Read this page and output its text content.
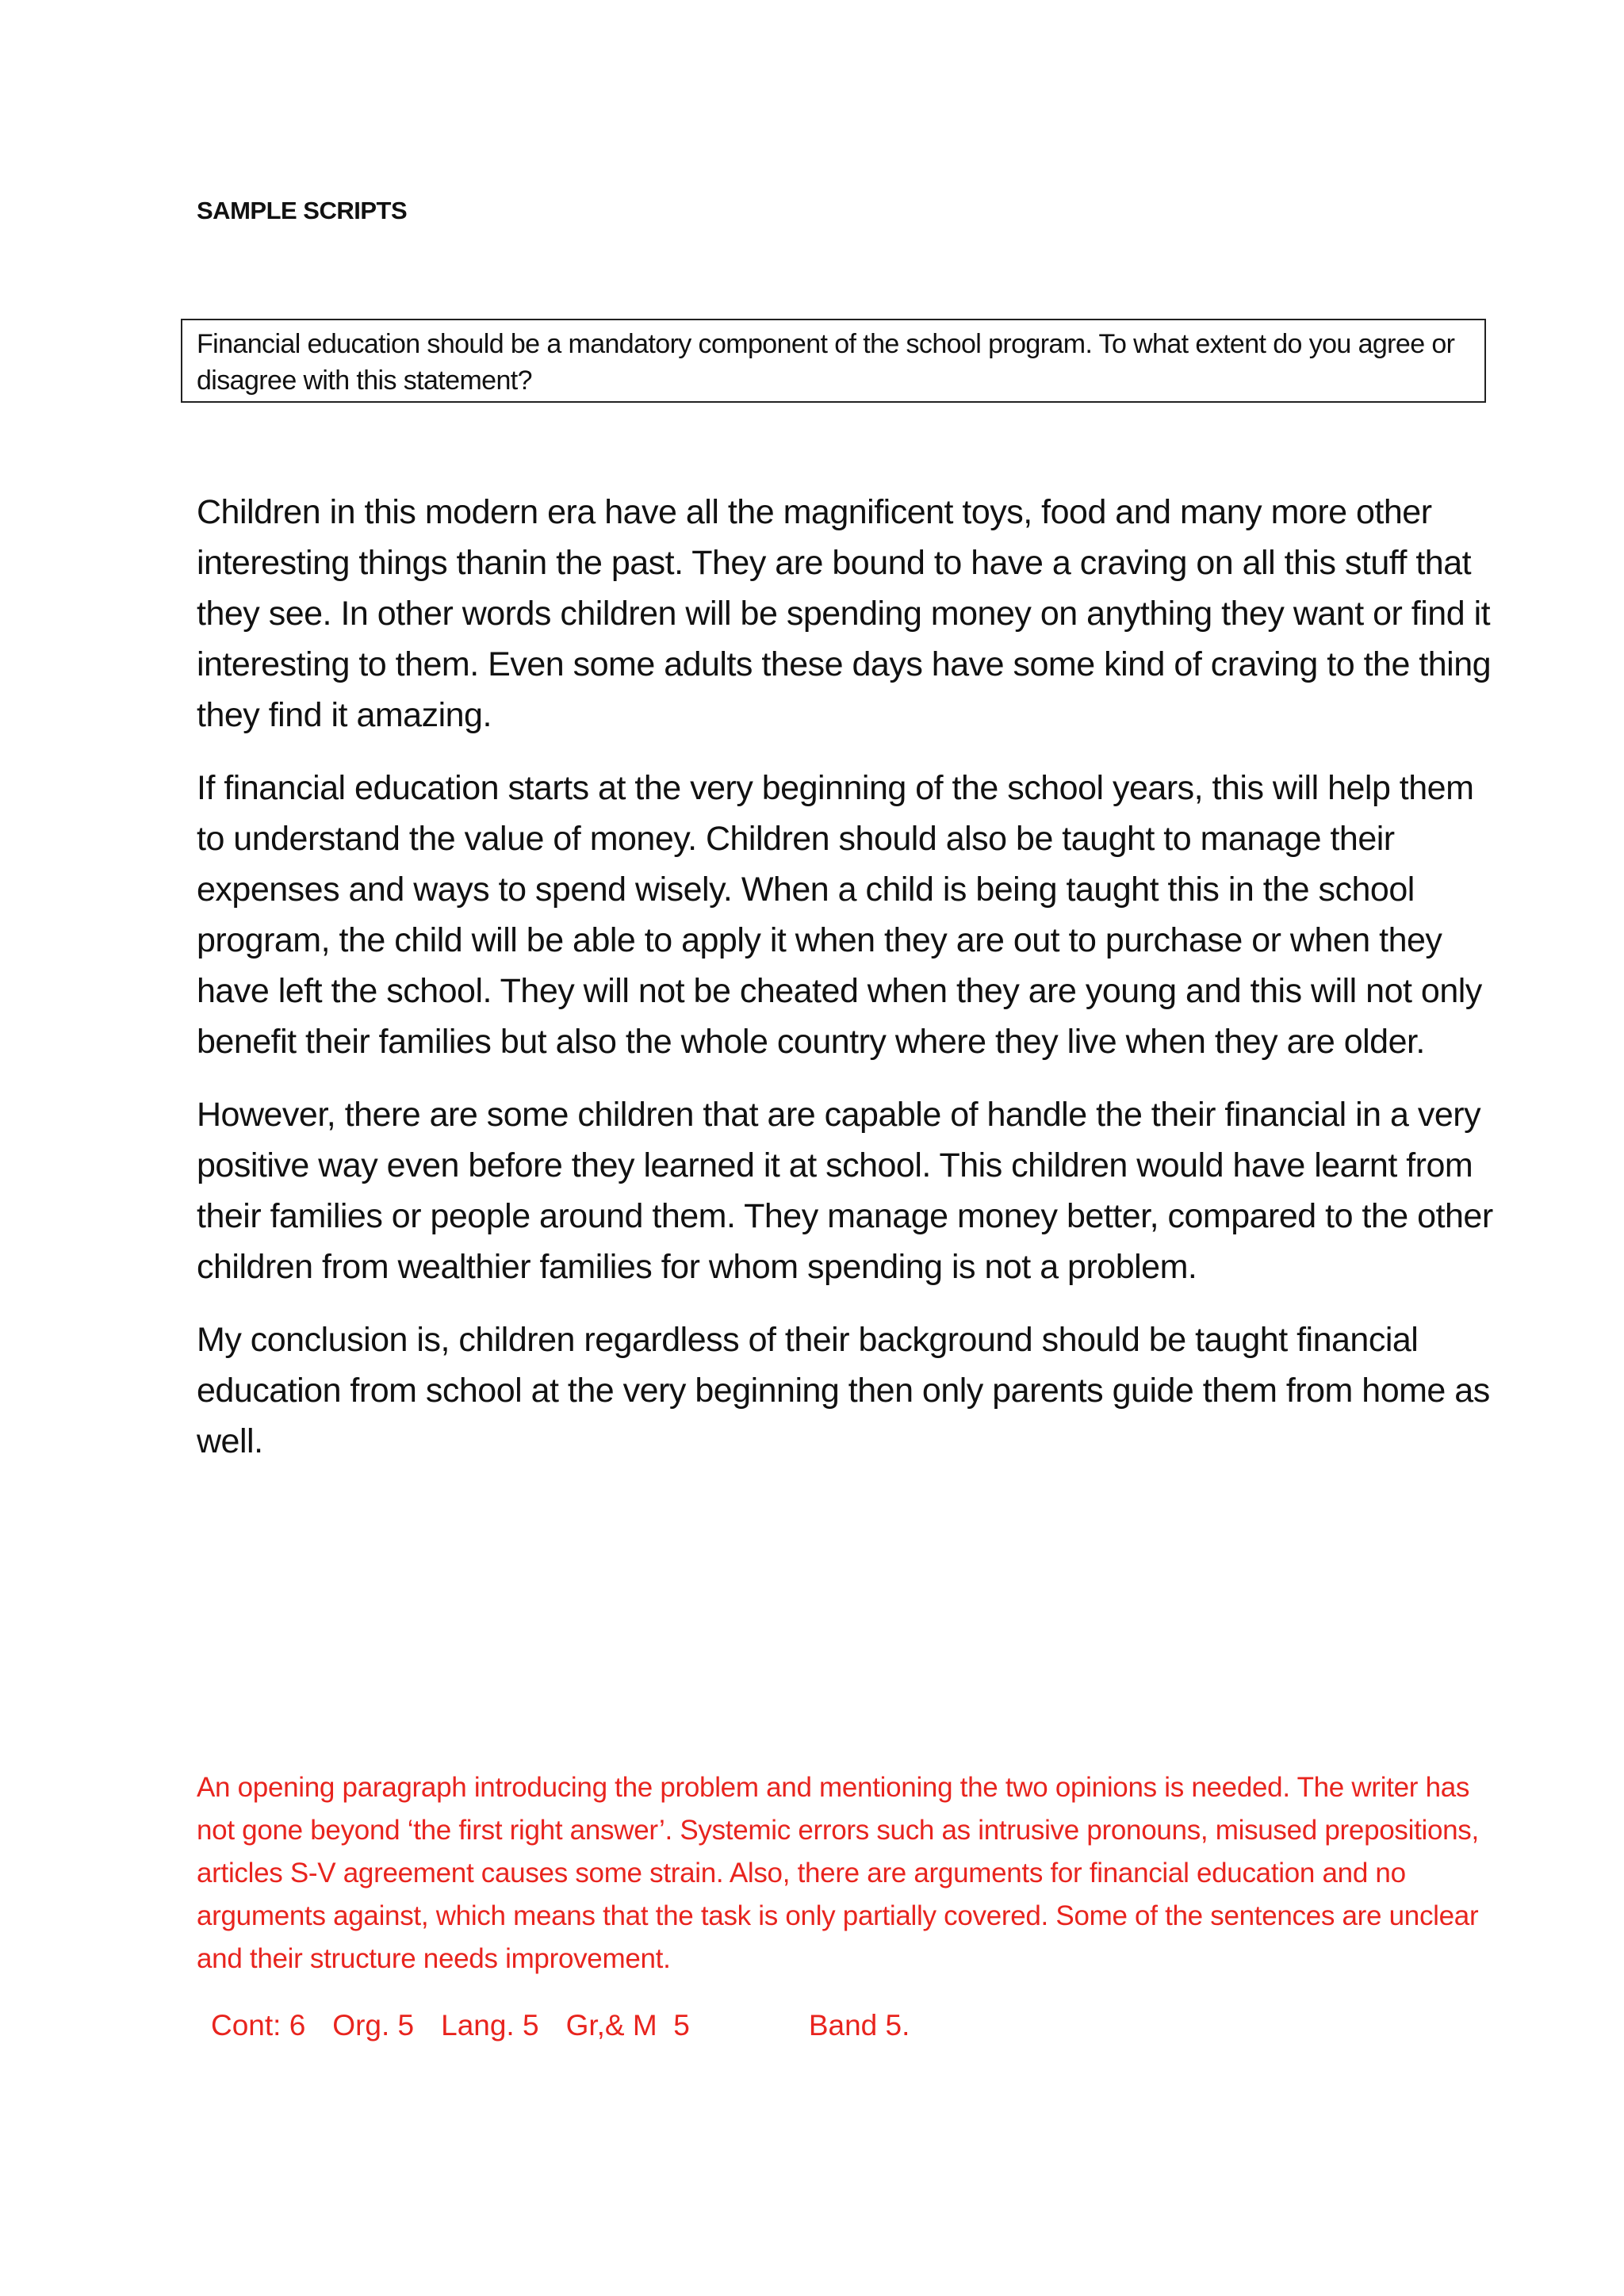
SAMPLE SCRIPTS
Financial education should be a mandatory component of the school program. To what extent do you agree or disagree with this statement?

Children in this modern era have all the magnificent toys, food and many more other interesting things thanin the past. They are bound to have a craving on all this stuff that they see. In other words children will be spending money on anything they want or find it interesting to them. Even some adults these days have some kind of craving to the thing they find it amazing.

If financial education starts at the very beginning of the school years, this will help them to understand the value of money. Children should also be taught to manage their expenses and ways to spend wisely. When a child is being taught this in the school program, the child will be able to apply it when they are out to purchase or when they have left the school. They will not be cheated when they are young and this will not only benefit their families but also the whole country where they live when they are older.

However, there are some children that are capable of handle the their financial in a very positive way even before they learned it at school. This children would have learnt from their families or people around them. They manage money better, compared to the other children from wealthier families for whom spending is not a problem.

My conclusion is, children regardless of their background should be taught financial education from school at the very beginning then only parents guide them from home as well.

An opening paragraph introducing the problem and mentioning the two opinions is needed. The writer has not gone beyond ‘the first right answer’. Systemic errors such as intrusive pronouns, misused prepositions, articles S-V agreement causes some strain. Also, there are arguments for financial education and no arguments against, which means that the task is only partially covered. Some of the sentences are unclear and their structure needs improvement.
Cont: 6 Org. 5 Lang. 5 Gr,& M  5	Band 5.
